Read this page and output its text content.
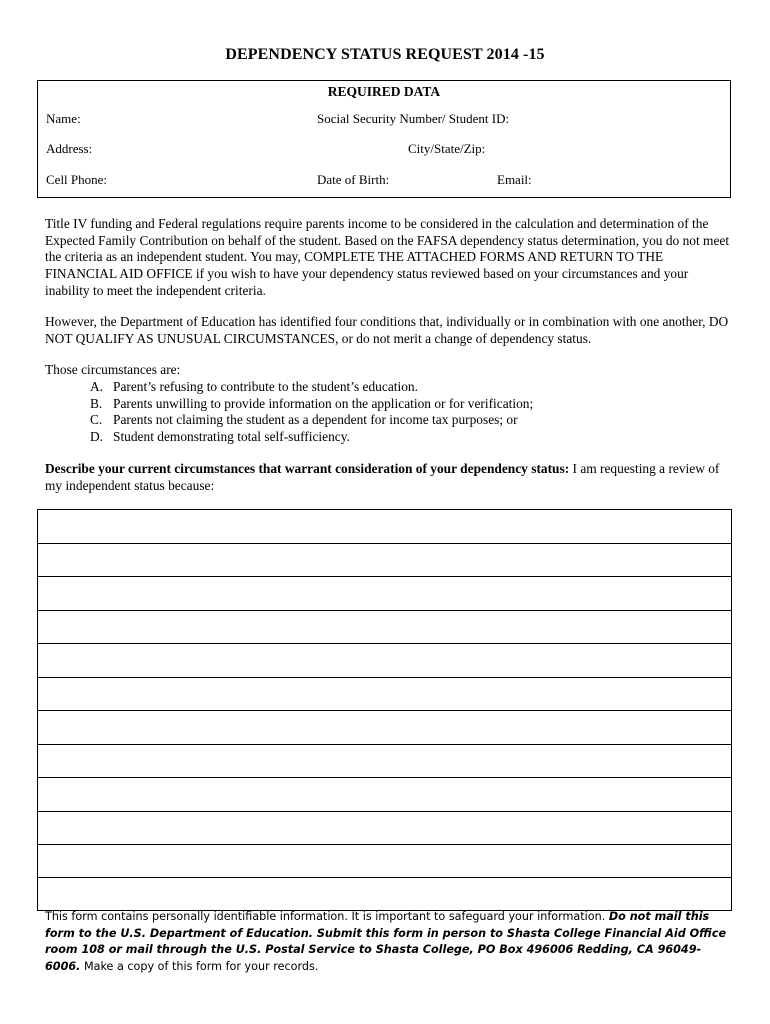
DEPENDENCY STATUS REQUEST 2014 -15
REQUIRED DATA
Name:	Social Security Number/ Student ID:
Address:	City/State/Zip:
Cell Phone:	Date of Birth:	Email:

Title IV funding and Federal regulations require parents income to be considered in the calculation and determination of the Expected Family Contribution on behalf of the student. Based on the FAFSA dependency status determination, you do not meet the criteria as an independent student. You may, COMPLETE THE ATTACHED FORMS AND RETURN TO THE FINANCIAL AID OFFICE if you wish to have your dependency status reviewed based on your circumstances and your inability to meet the independent criteria.

However, the Department of Education has identified four conditions that, individually or in combination with one another, DO NOT QUALIFY AS UNUSUAL CIRCUMSTANCES, or do not merit a change of dependency status.

Those circumstances are:
A. Parent’s refusing to contribute to the student’s education.
B. Parents unwilling to provide information on the application or for verification;
C. Parents not claiming the student as a dependent for income tax purposes; or
D. Student demonstrating total self-sufficiency.
Describe your current circumstances that warrant consideration of your dependency status: I am requesting a review of my independent status because:
This form contains personally identifiable information. It is important to safeguard your information. Do not mail this form to the U.S. Department of Education. Submit this form in person to Shasta College Financial Aid Office room 108 or mail through the U.S. Postal Service to Shasta College, PO Box 496006 Redding, CA 96049-6006. Make a copy of this form for your records.
